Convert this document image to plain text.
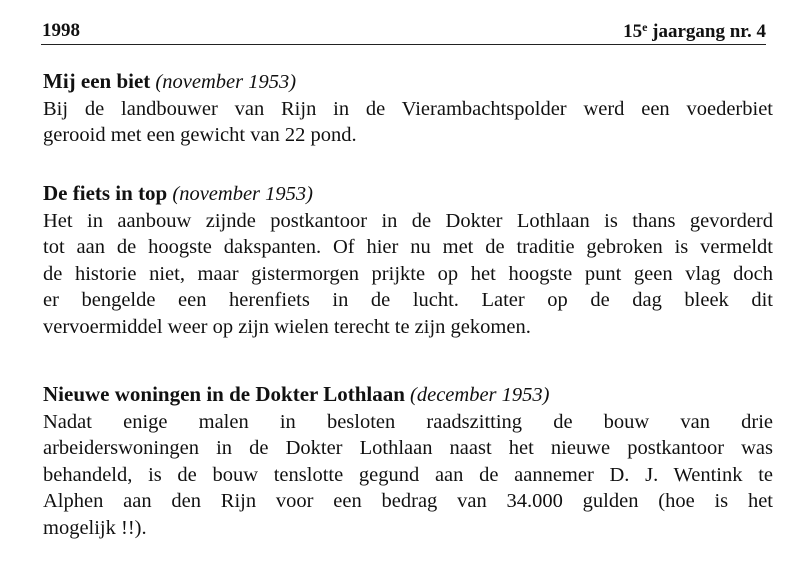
1998	15e jaargang nr. 4
Mij een biet (november 1953)

Bij de landbouwer van Rijn in de Vierambachtspolder werd een voederbiet
gerooid met een gewicht van 22 pond.

De fiets in top (november 1953)

Het in aanbouw zijnde postkantoor in de Dokter Lothlaan is thans gevorderd
tot aan de hoogste dakspanten. Of hier nu met de traditie gebroken is vermeldt
de historie niet, maar gistermorgen prijkte op het hoogste punt geen vlag doch
er bengelde een herenfiets in de lucht. Later op de dag bleek dit
vervoermiddel weer op zijn wielen terecht te zijn gekomen.

Nieuwe woningen in de Dokter Lothlaan (december 1953)

Nadat enige malen in besloten raadszitting de bouw van drie
arbeiderswoningen in de Dokter Lothlaan naast het nieuwe postkantoor was
behandeld, is de bouw tenslotte gegund aan de aannemer D. J. Wentink te
Alphen aan den Rijn voor een bedrag van 34.000 gulden (hoe is het
mogelijk !!).
